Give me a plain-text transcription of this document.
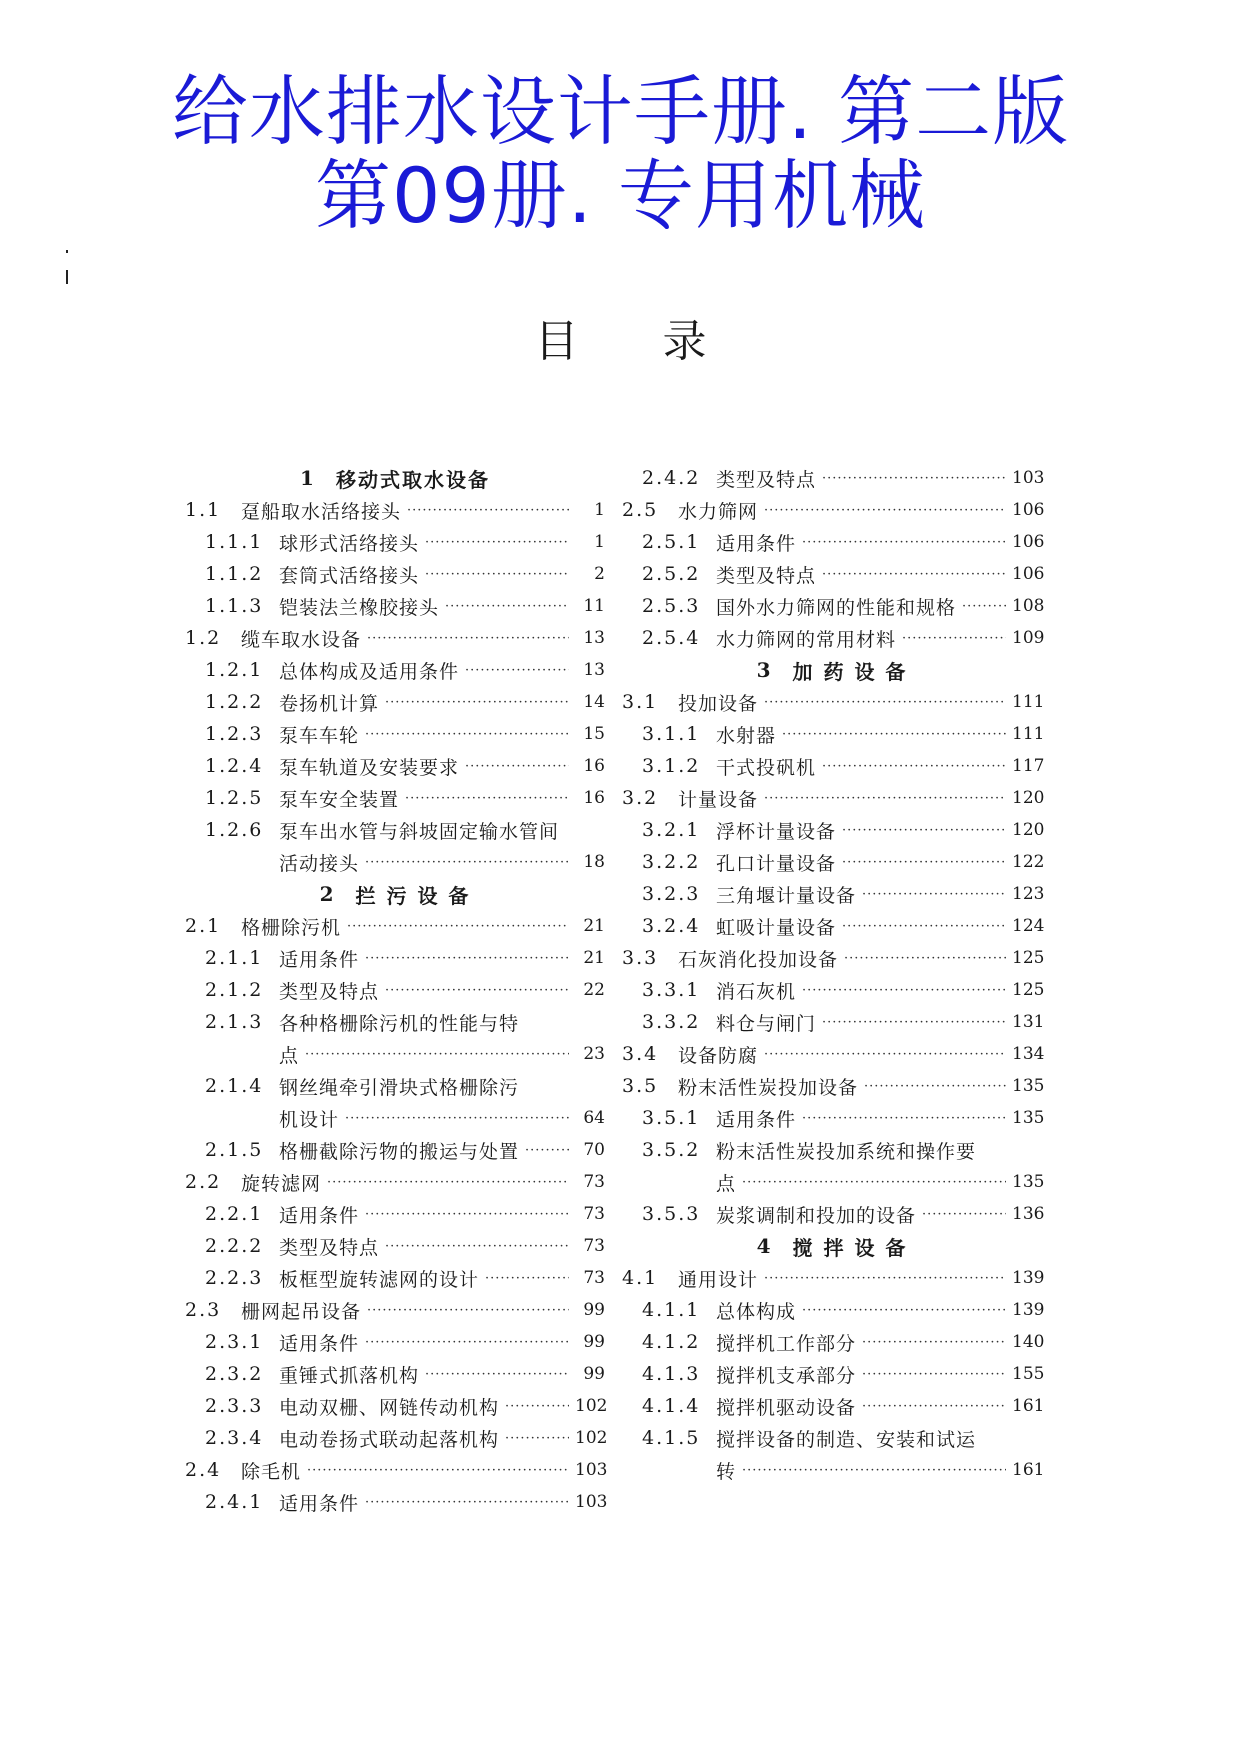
给水排水设计手册. 第二版
第09册. 专用机械
目录
1 移动式取水设备
1.1	趸船取水活络接头 ·····	1
1.1.1 球形式活络接头 ·····	1
1.1.2 套筒式活络接头 ·····	2
1.1.3 铠装法兰橡胶接头 ·····	11
1.2	缆车取水设备 ·····	13
1.2.1 总体构成及适用条件 ·····	13
1.2.2 卷扬机计算 ·····	14
1.2.3 泵车车轮 ·····	15
1.2.4 泵车轨道及安装要求 ·····	16
1.2.5 泵车安全装置 ·····	16
1.2.6 泵车出水管与斜坡固定输水管间
活动接头 ·····	18
2 拦 污 设 备
2.1	格栅除污机 ·····	21
2.1.1 适用条件 ·····	21
2.1.2 类型及特点 ·····	22
2.1.3 各种格栅除污机的性能与特
点 ·····	23
2.1.4 钢丝绳牵引滑块式格栅除污
机设计 ·····	64
2.1.5 格栅截除污物的搬运与处置 ·····	70
2.2	旋转滤网 ·····	73
2.2.1 适用条件 ·····	73
2.2.2 类型及特点 ·····	73
2.2.3 板框型旋转滤网的设计 ·····	73
2.3	栅网起吊设备 ·····	99
2.3.1 适用条件 ·····	99
2.3.2 重锤式抓落机构 ·····	99
2.3.3 电动双栅、网链传动机构 ·····	102
2.3.4 电动卷扬式联动起落机构 ·····	102
2.4	除毛机 ·····	103
2.4.1 适用条件 ·····	103
2.4.2 类型及特点 ·····	103
2.5	水力筛网 ·····	106
2.5.1 适用条件 ·····	106
2.5.2 类型及特点 ·····	106
2.5.3 国外水力筛网的性能和规格 ·····	108
2.5.4 水力筛网的常用材料 ·····	109
3 加 药 设 备
3.1	投加设备 ·····	111
3.1.1 水射器 ·····	111
3.1.2 干式投矾机 ·····	117
3.2	计量设备 ·····	120
3.2.1 浮杯计量设备 ·····	120
3.2.2 孔口计量设备 ·····	122
3.2.3 三角堰计量设备 ·····	123
3.2.4 虹吸计量设备 ·····	124
3.3	石灰消化投加设备 ·····	125
3.3.1 消石灰机 ·····	125
3.3.2 料仓与闸门 ·····	131
3.4	设备防腐 ·····	134
3.5	粉末活性炭投加设备 ·····	135
3.5.1 适用条件 ·····	135
3.5.2 粉末活性炭投加系统和操作要
点 ·····	135
3.5.3 炭浆调制和投加的设备 ·····	136
4 搅 拌 设 备
4.1	通用设计 ·····	139
4.1.1 总体构成 ·····	139
4.1.2 搅拌机工作部分 ·····	140
4.1.3 搅拌机支承部分 ·····	155
4.1.4 搅拌机驱动设备 ·····	161
4.1.5 搅拌设备的制造、安装和试运
转 ·····	161
